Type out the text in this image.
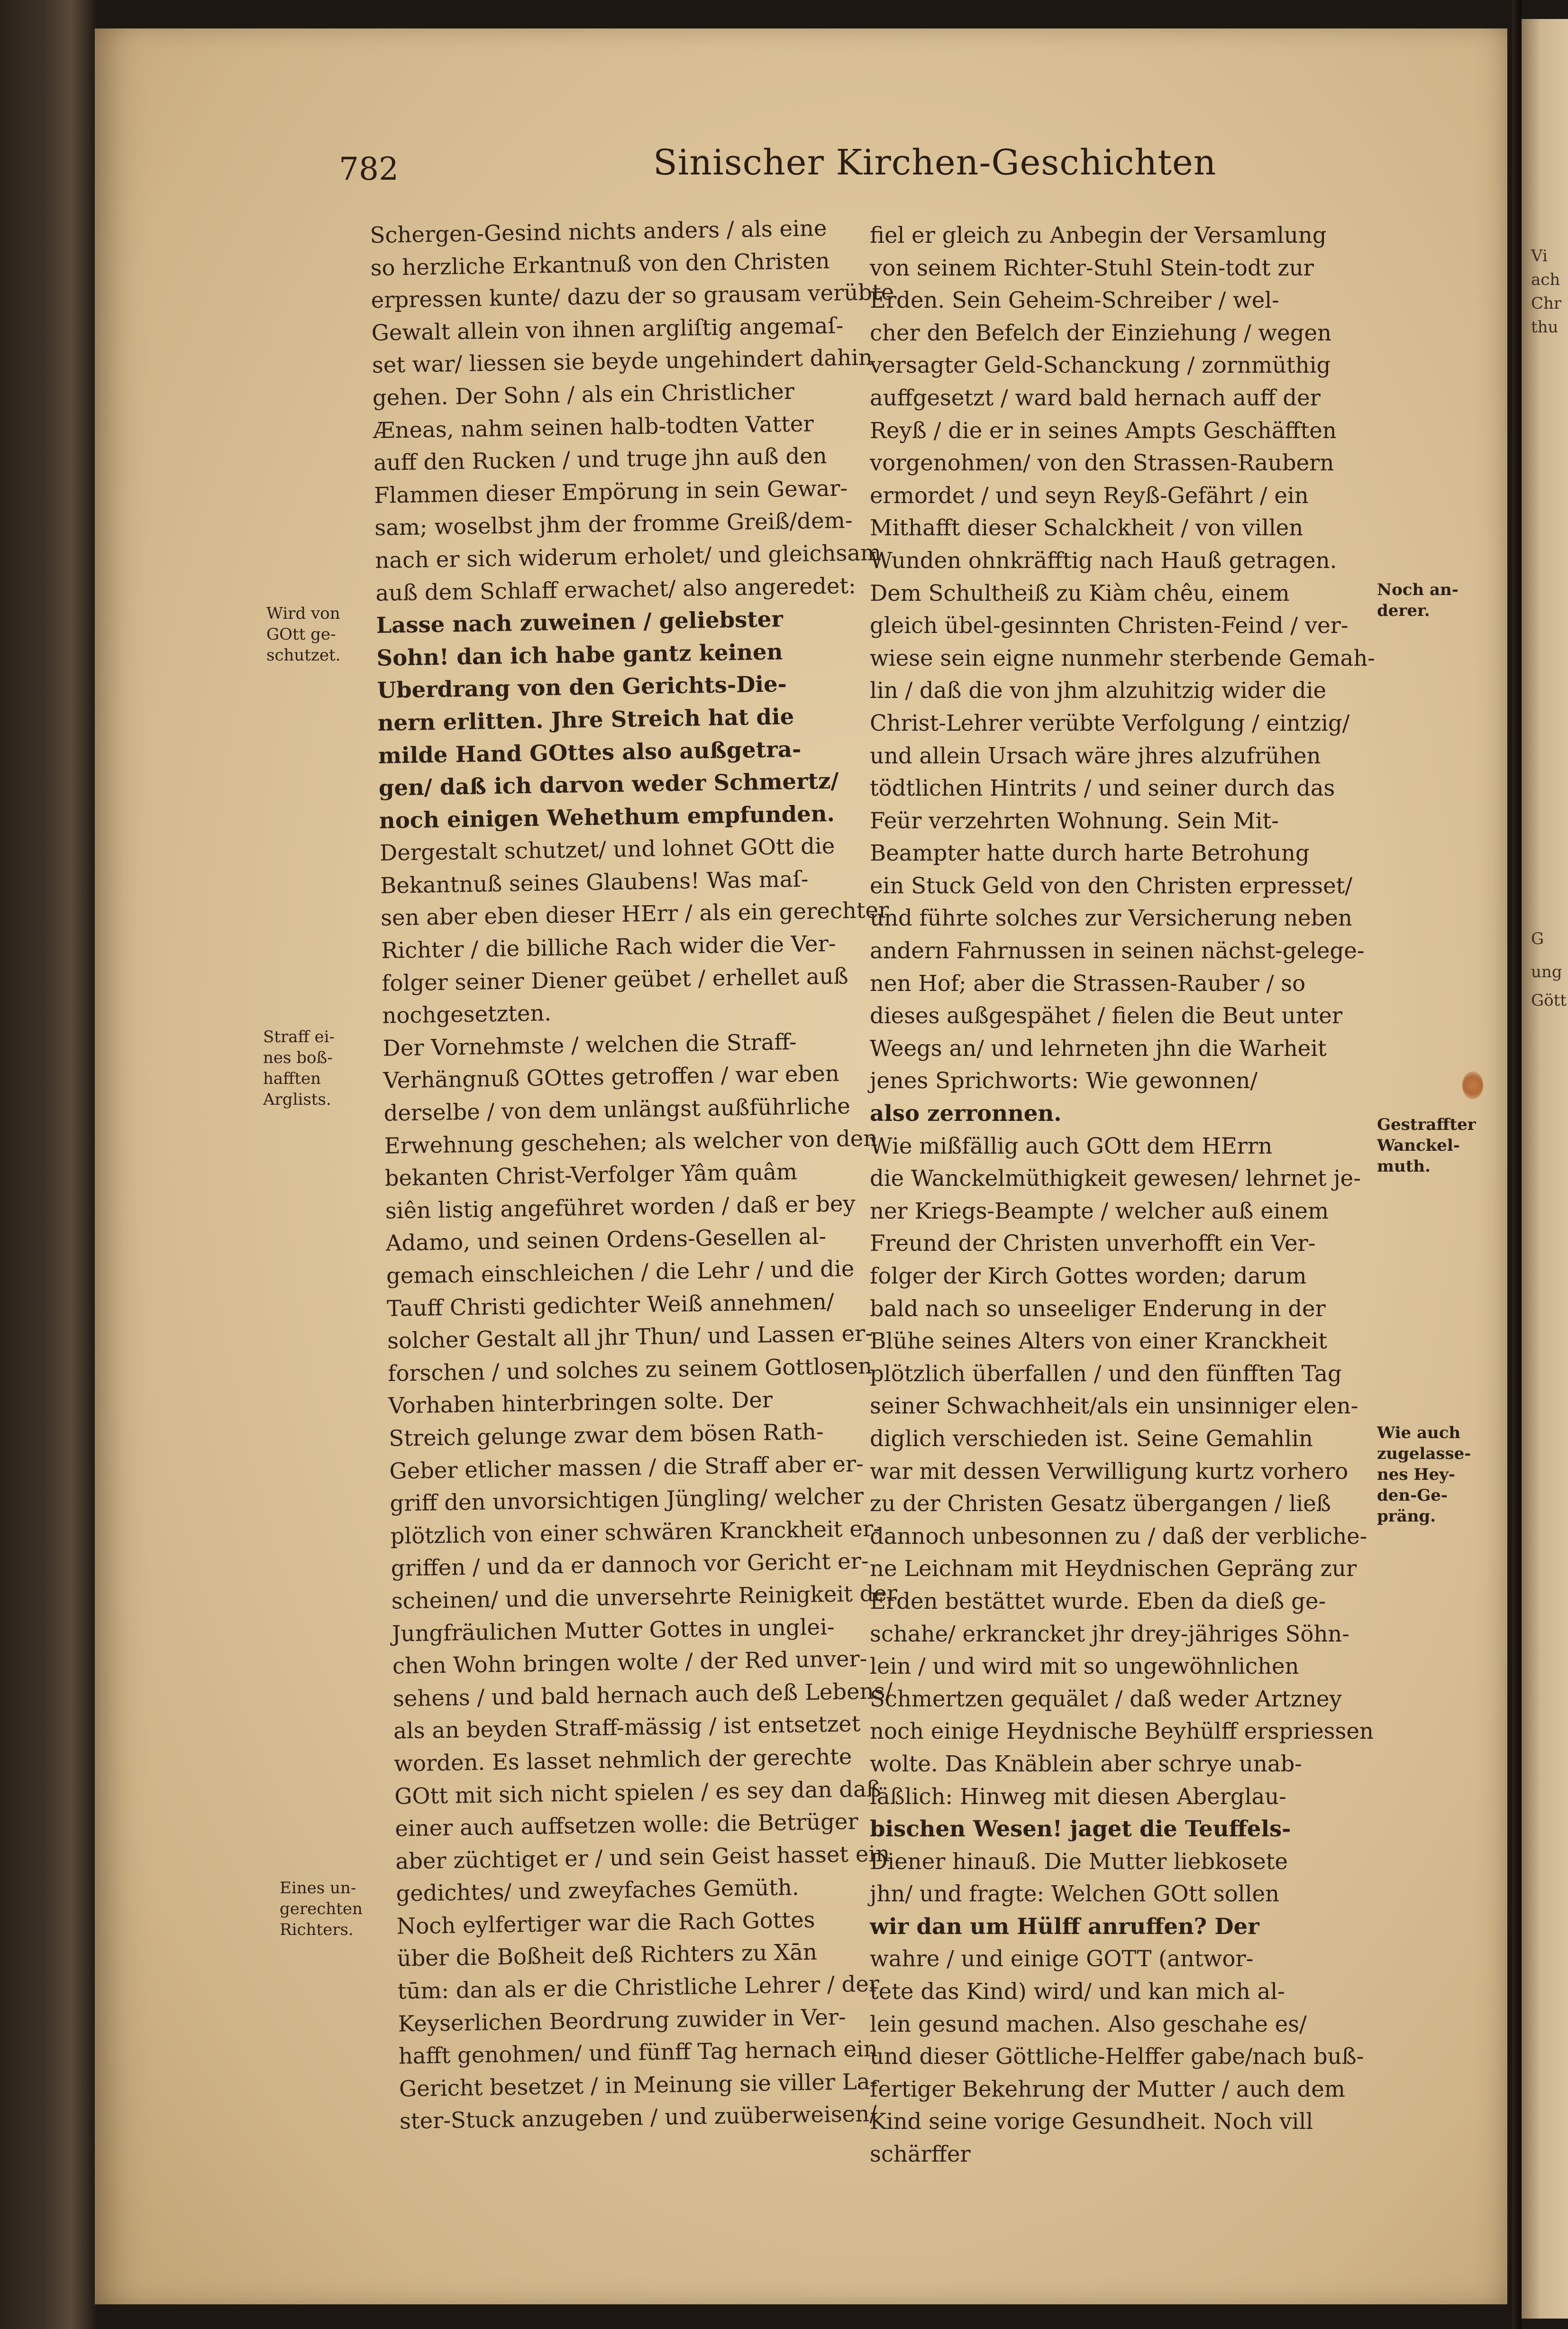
Vi
ach
Chr
thu
G
ung
Gött
782	Sinischer Kirchen-Geschichten
Schergen-Gesind nichts anders / als eine
so herzliche Erkantnuß von den Christen
erpressen kunte/ dazu der so grausam verübte
Gewalt allein von ihnen argliſtig angemaſ-
set war/ liessen sie beyde ungehindert dahin
gehen. Der Sohn / als ein Christlicher
Æneas, nahm seinen halb-todten Vatter
auff den Rucken / und truge jhn auß den
Flammen dieser Empörung in sein Gewar-
sam; woselbst jhm der fromme Greiß/dem-
nach er sich widerum erholet/ und gleichsam
auß dem Schlaff erwachet/ also angeredet:
Lasse nach zuweinen / geliebster
Sohn! dan ich habe gantz keinen
Uberdrang von den Gerichts-Die-
nern erlitten. Jhre Streich hat die
milde Hand GOttes also außgetra-
gen/ daß ich darvon weder Schmertz/
noch einigen Wehethum empfunden.
Dergestalt schutzet/ und lohnet GOtt die
Bekantnuß seines Glaubens! Was maſ-
sen aber eben dieser HErr / als ein gerechter
Richter / die billiche Rach wider die Ver-
folger seiner Diener geübet / erhellet auß
nochgesetzten.
Der Vornehmste / welchen die Straff-
Verhängnuß GOttes getroffen / war eben
derselbe / von dem unlängst außführliche
Erwehnung geschehen; als welcher von den
bekanten Christ-Verfolger Yâm quâm
siên listig angeführet worden / daß er bey
Adamo, und seinen Ordens-Gesellen al-
gemach einschleichen / die Lehr / und die
Tauff Christi gedichter Weiß annehmen/
solcher Gestalt all jhr Thun/ und Lassen er-
forschen / und solches zu seinem Gottlosen
Vorhaben hinterbringen solte. Der
Streich gelunge zwar dem bösen Rath-
Geber etlicher massen / die Straff aber er-
griff den unvorsichtigen Jüngling/ welcher
plötzlich von einer schwären Kranckheit er-
griffen / und da er dannoch vor Gericht er-
scheinen/ und die unversehrte Reinigkeit der
Jungfräulichen Mutter Gottes in unglei-
chen Wohn bringen wolte / der Red unver-
sehens / und bald hernach auch deß Lebens/
als an beyden Straff-mässig / ist entsetzet
worden. Es lasset nehmlich der gerechte
GOtt mit sich nicht spielen / es sey dan daß
einer auch auffsetzen wolle: die Betrüger
aber züchtiget er / und sein Geist hasset ein
gedichtes/ und zweyfaches Gemüth.
Noch eylfertiger war die Rach Gottes
über die Boßheit deß Richters zu Xān
tūm: dan als er die Christliche Lehrer / der
Keyserlichen Beordrung zuwider in Ver-
hafft genohmen/ und fünff Tag hernach ein
Gericht besetzet / in Meinung sie viller La-
ster-Stuck anzugeben / und zuüberweisen/
fiel er gleich zu Anbegin der Versamlung
von seinem Richter-Stuhl Stein-todt zur
Erden. Sein Geheim-Schreiber / wel-
cher den Befelch der Einziehung / wegen
versagter Geld-Schanckung / zornmüthig
auffgesetzt / ward bald hernach auff der
Reyß / die er in seines Ampts Geschäfften
vorgenohmen/ von den Strassen-Raubern
ermordet / und seyn Reyß-Gefährt / ein
Mithafft dieser Schalckheit / von villen
Wunden ohnkräfftig nach Hauß getragen.
Dem Schultheiß zu Kiàm chêu, einem
gleich übel-gesinnten Christen-Feind / ver-
wiese sein eigne nunmehr sterbende Gemah-
lin / daß die von jhm alzuhitzig wider die
Christ-Lehrer verübte Verfolgung / eintzig/
und allein Ursach wäre jhres alzufrühen
tödtlichen Hintrits / und seiner durch das
Feür verzehrten Wohnung. Sein Mit-
Beampter hatte durch harte Betrohung
ein Stuck Geld von den Christen erpresset/
und führte solches zur Versicherung neben
andern Fahrnussen in seinen nächst-gelege-
nen Hof; aber die Strassen-Rauber / so
dieses außgespähet / fielen die Beut unter
Weegs an/ und lehrneten jhn die Warheit
jenes Sprichworts: Wie gewonnen/
also zerronnen.
Wie mißfällig auch GOtt dem HErrn
die Wanckelmüthigkeit gewesen/ lehrnet je-
ner Kriegs-Beampte / welcher auß einem
Freund der Christen unverhofft ein Ver-
folger der Kirch Gottes worden; darum
bald nach so unseeliger Enderung in der
Blühe seines Alters von einer Kranckheit
plötzlich überfallen / und den fünfften Tag
seiner Schwachheit/als ein unsinniger elen-
diglich verschieden ist. Seine Gemahlin
war mit dessen Verwilligung kurtz vorhero
zu der Christen Gesatz übergangen / ließ
dannoch unbesonnen zu / daß der verbliche-
ne Leichnam mit Heydnischen Gepräng zur
Erden bestättet wurde. Eben da dieß ge-
schahe/ erkrancket jhr drey-jähriges Söhn-
lein / und wird mit so ungewöhnlichen
Schmertzen gequälet / daß weder Artzney
noch einige Heydnische Beyhülff erspriessen
wolte. Das Knäblein aber schrye unab-
läßlich: Hinweg mit diesen Aberglau-
bischen Wesen! jaget die Teuffels-
Diener hinauß. Die Mutter liebkosete
jhn/ und fragte: Welchen GOtt sollen
wir dan um Hülff anruffen? Der
wahre / und einige GOTT (antwor-
tete das Kind) wird/ und kan mich al-
lein gesund machen. Also geschahe es/
und dieser Göttliche-Helffer gabe/nach buß-
fertiger Bekehrung der Mutter / auch dem
Kind seine vorige Gesundheit. Noch vill
schärffer
Wird von
GOtt ge-
schutzet.
Straff ei-
nes boß-
hafften
Arglists.
Eines un-
gerechten
Richters.
Noch an-
derer.
Gestraffter
Wanckel-
muth.
Wie auch
zugelasse-
nes Hey-
den-Ge-
präng.
